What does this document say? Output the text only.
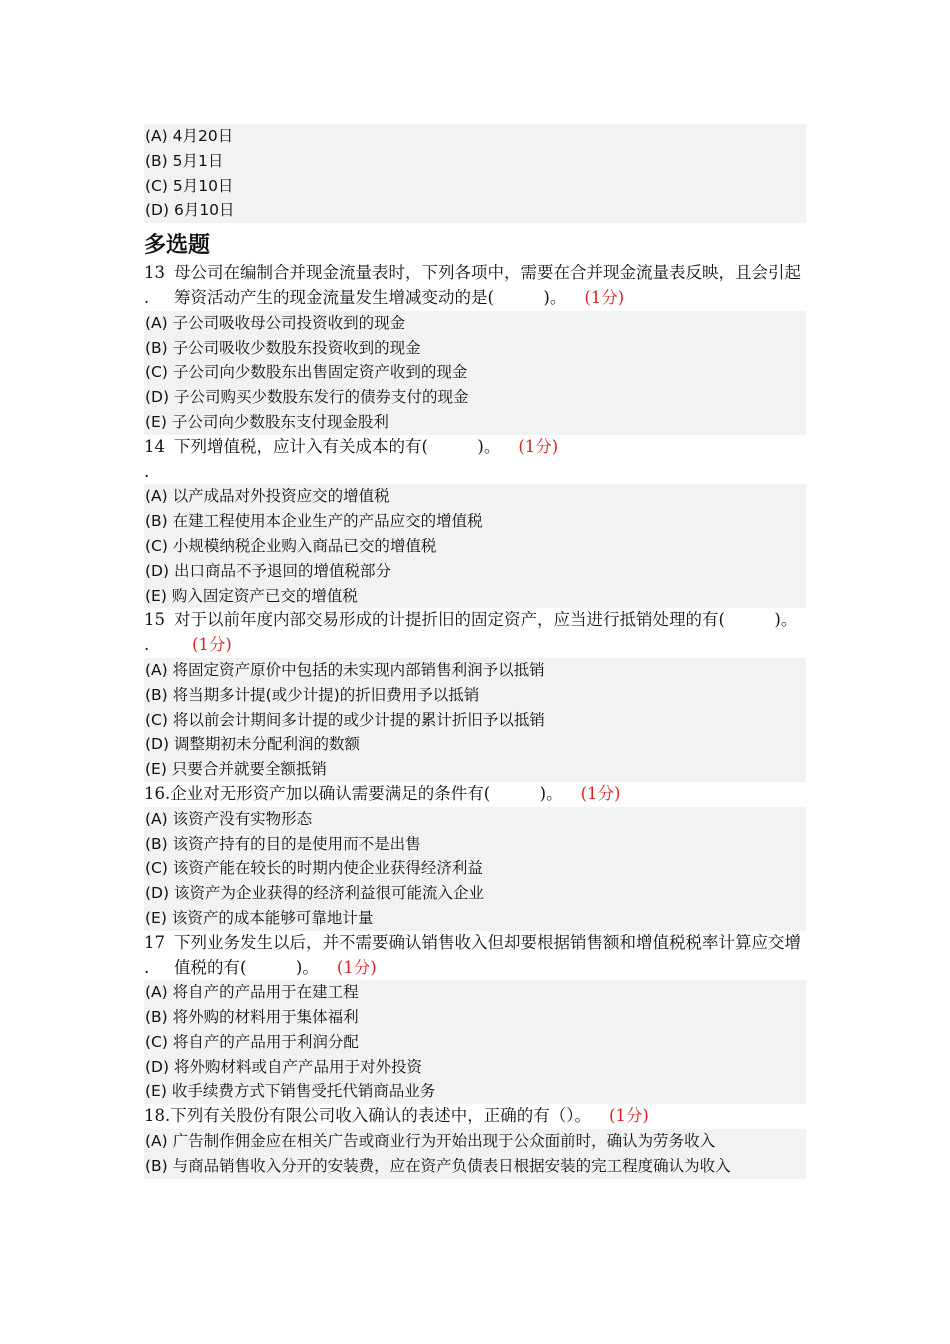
(A) 4月20日
(B) 5月1日
(C) 5月10日
(D) 6月10日
多选题
13
.
母公司在编制合并现金流量表时，下列各项中，需要在合并现金流量表反映，且会引起筹资活动产生的现金流量发生增减变动的是(　　　)。 (1分)
(A) 子公司吸收母公司投资收到的现金
(B) 子公司吸收少数股东投资收到的现金
(C) 子公司向少数股东出售固定资产收到的现金
(D) 子公司购买少数股东发行的债券支付的现金
(E) 子公司向少数股东支付现金股利
14
.
下列增值税，应计入有关成本的有(　　　)。 (1分)
(A) 以产成品对外投资应交的增值税
(B) 在建工程使用本企业生产的产品应交的增值税
(C) 小规模纳税企业购入商品已交的增值税
(D) 出口商品不予退回的增值税部分
(E) 购入固定资产已交的增值税
15
.
对于以前年度内部交易形成的计提折旧的固定资产，应当进行抵销处理的有(　　　)。(1分)
(A) 将固定资产原价中包括的未实现内部销售利润予以抵销
(B) 将当期多计提(或少计提)的折旧费用予以抵销
(C) 将以前会计期间多计提的或少计提的累计折旧予以抵销
(D) 调整期初未分配利润的数额
(E) 只要合并就要全额抵销
16. 企业对无形资产加以确认需要满足的条件有(　　　)。 (1分)
(A) 该资产没有实物形态
(B) 该资产持有的目的是使用而不是出售
(C) 该资产能在较长的时期内使企业获得经济利益
(D) 该资产为企业获得的经济利益很可能流入企业
(E) 该资产的成本能够可靠地计量
17
.
下列业务发生以后，并不需要确认销售收入但却要根据销售额和增值税税率计算应交增值税的有(　　　)。 (1分)
(A) 将自产的产品用于在建工程
(B) 将外购的材料用于集体福利
(C) 将自产的产品用于利润分配
(D) 将外购材料或自产产品用于对外投资
(E) 收手续费方式下销售受托代销商品业务
18. 下列有关股份有限公司收入确认的表述中，正确的有（）。 (1分)
(A) 广告制作佣金应在相关广告或商业行为开始出现于公众面前时，确认为劳务收入
(B) 与商品销售收入分开的安装费，应在资产负债表日根据安装的完工程度确认为收入
